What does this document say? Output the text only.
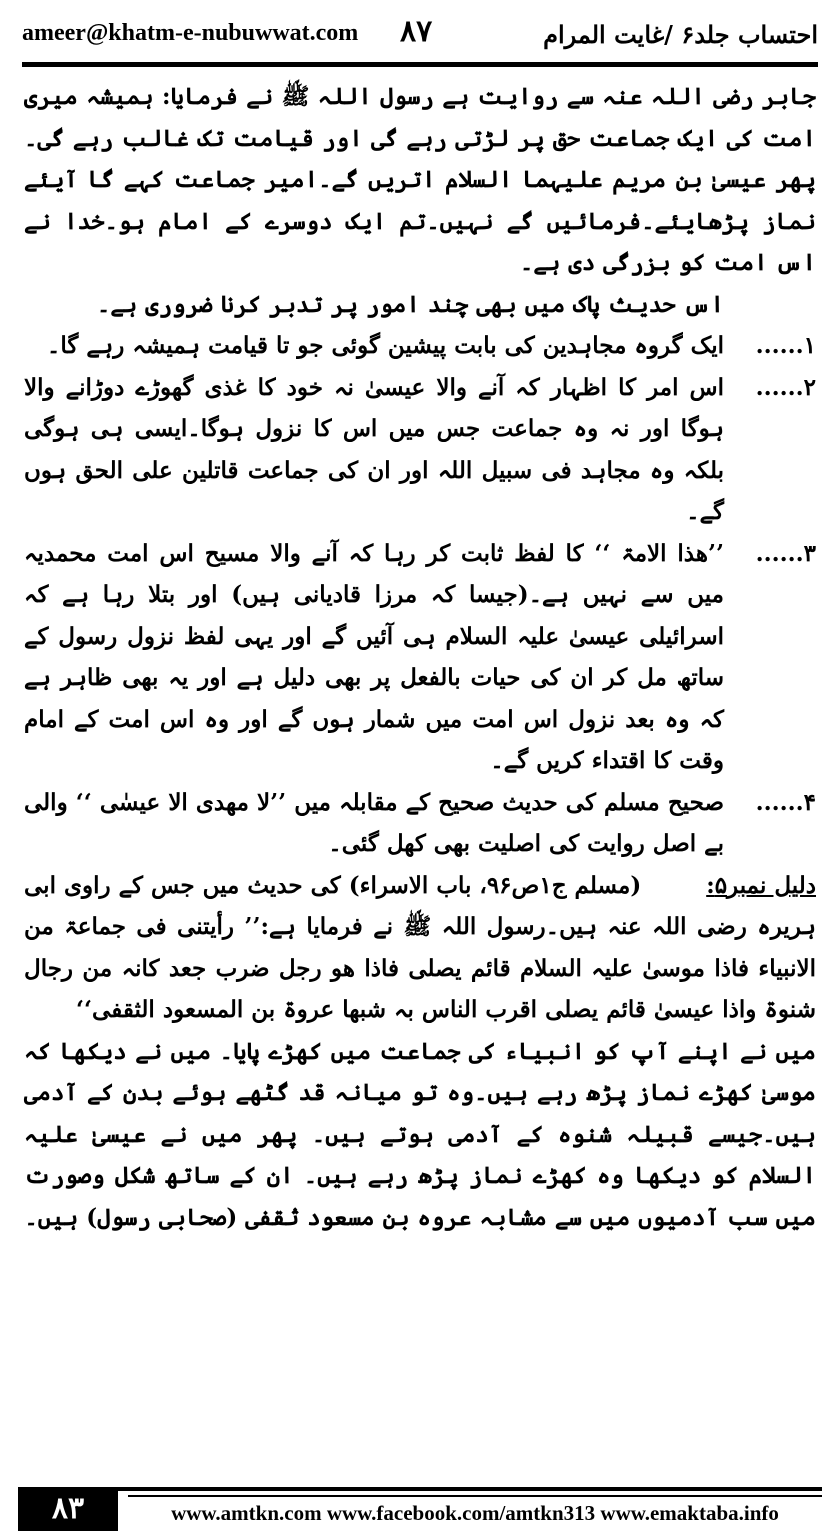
ameer@khatm-e-nubuwwat.com ۸۷	احتساب جلد۶ /غایت المرام
جابر رضی اللہ عنہ سے روایت ہے رسول اللہ ﷺ نے فرمایا: ہمیشہ میری امت کی ایک جماعت حق پر لڑتی رہے گی اور قیامت تک غالب رہے گی۔ پھر عیسیٰ بن مریم علیہما السلام اتریں گے۔امیر جماعت کہے گا آیئے نماز پڑھایئے۔فرمائیں گے نہیں۔تم ایک دوسرے کے امام ہو۔خدا نے اس امت کو بزرگی دی ہے۔
اس حدیث پاک میں بھی چند امور پر تدبر کرنا ضروری ہے۔
۱......
ایک گروہ مجاہدین کی بابت پیشین گوئی جو تا قیامت ہمیشہ رہے گا۔
۲......
اس امر کا اظہار کہ آنے والا عیسیٰ نہ خود کا غذی گھوڑے دوڑانے والا ہوگا اور نہ وہ جماعت جس میں اس کا نزول ہوگا۔ایسی ہی ہوگی بلکہ وہ مجاہد فی سبیل اللہ اور ان کی جماعت قاتلین علی الحق ہوں گے۔
۳......
’’ھذا الامۃ ‘‘ کا لفظ ثابت کر رہا کہ آنے والا مسیح اس امت محمدیہ میں سے نہیں ہے۔(جیسا کہ مرزا قادیانی ہیں) اور بتلا رہا ہے کہ اسرائیلی عیسیٰ علیہ السلام ہی آئیں گے اور یہی لفظ نزول رسول کے ساتھ مل کر ان کی حیات بالفعل پر بھی دلیل ہے اور یہ بھی ظاہر ہے کہ وہ بعد نزول اس امت میں شمار ہوں گے اور وہ اس امت کے امام وقت کا اقتداء کریں گے۔
۴......
صحیح مسلم کی حدیث صحیح کے مقابلہ میں ’’لا مھدی الا عیسٰی ‘‘ والی بے اصل روایت کی اصلیت بھی کھل گئی۔
دلیل نمبر۵:
(مسلم ج۱ص۹۶، باب الاسراء) کی حدیث میں جس کے راوی ابی
ہریرہ رضی اللہ عنہ ہیں۔رسول اللہ ﷺ نے فرمایا ہے:’’ رأیتنی فی جماعۃ من الانبیاء فاذا موسیٰ علیہ السلام قائم یصلی فاذا ھو رجل ضرب جعد کانہ من رجال شنوۃ واذا عیسیٰ قائم یصلی اقرب الناس بہ شبھا عروۃ بن المسعود الثقفی‘‘
میں نے اپنے آپ کو انبیاء کی جماعت میں کھڑے پایا۔ میں نے دیکھا کہ موسیٰ کھڑے نماز پڑھ رہے ہیں۔وہ تو میانہ قد گٹھے ہوئے بدن کے آدمی ہیں۔جیسے قبیلہ شنوہ کے آدمی ہوتے ہیں۔ پھر میں نے عیسیٰ علیہ السلام کو دیکھا وہ کھڑے نماز پڑھ رہے ہیں۔ ان کے ساتھ شکل وصورت میں سب آدمیوں میں سے مشابہ عروہ بن مسعود ثقفی (صحابی رسول) ہیں۔
۸۳	www.amtkn.com www.facebook.com/amtkn313 www.emaktaba.info
